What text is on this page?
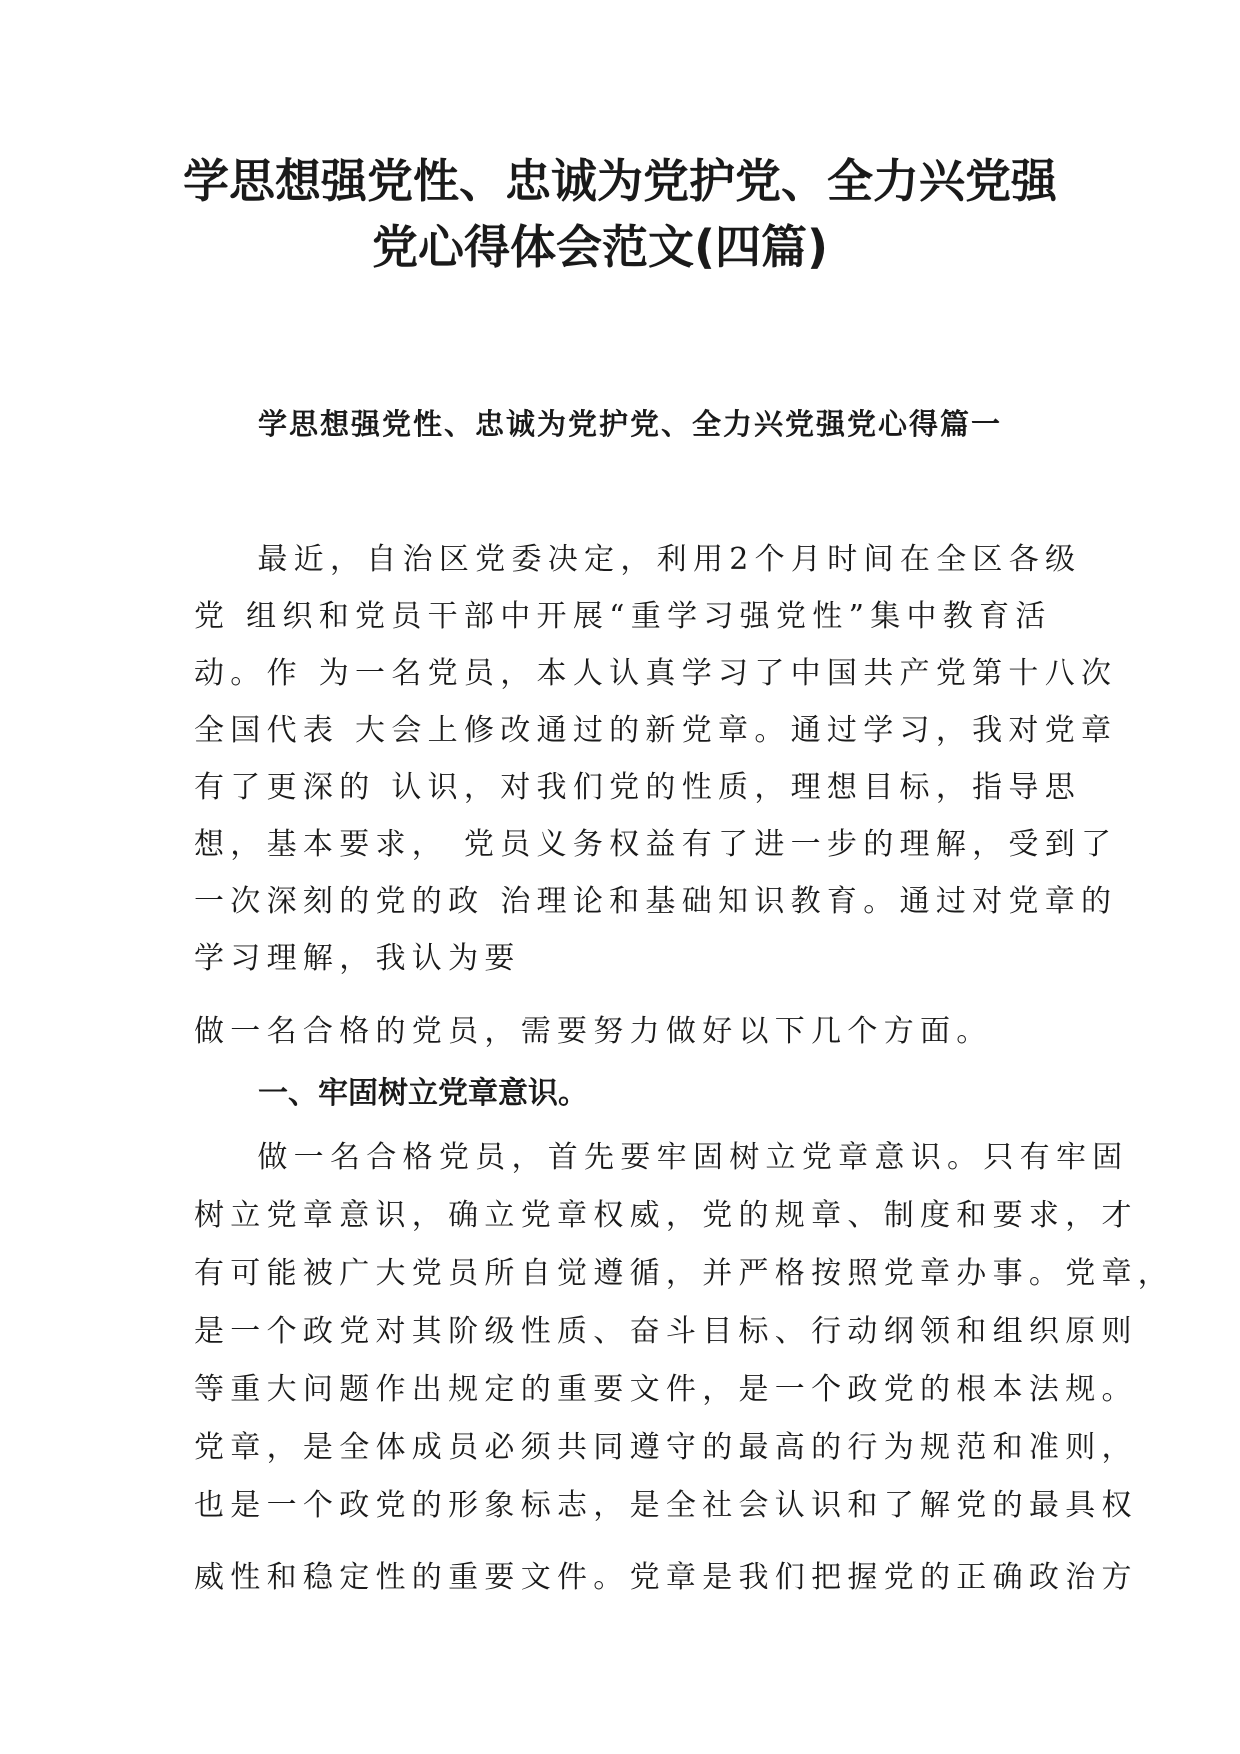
学思想强党性、忠诚为党护党、全力兴党强
党心得体会范文(四篇)
学思想强党性、忠诚为党护党、全力兴党强党心得篇一
最近，自治区党委决定，利用2个月时间在全区各级
党 组织和党员干部中开展“重学习强党性”集中教育活
动。作 为一名党员，本人认真学习了中国共产党第十八次
全国代表 大会上修改通过的新党章。通过学习，我对党章
有了更深的 认识，对我们党的性质，理想目标，指导思
想，基本要求， 党员义务权益有了进一步的理解，受到了
一次深刻的党的政 治理论和基础知识教育。通过对党章的
学习理解，我认为要
做一名合格的党员，需要努力做好以下几个方面。
一、牢固树立党章意识。
做一名合格党员，首先要牢固树立党章意识。只有牢固
树立党章意识，确立党章权威，党的规章、制度和要求，才
有可能被广大党员所自觉遵循，并严格按照党章办事。党章，
是一个政党对其阶级性质、奋斗目标、行动纲领和组织原则
等重大问题作出规定的重要文件，是一个政党的根本法规。
党章，是全体成员必须共同遵守的最高的行为规范和准则，
也是一个政党的形象标志，是全社会认识和了解党的最具权
威性和稳定性的重要文件。党章是我们把握党的正确政治方
